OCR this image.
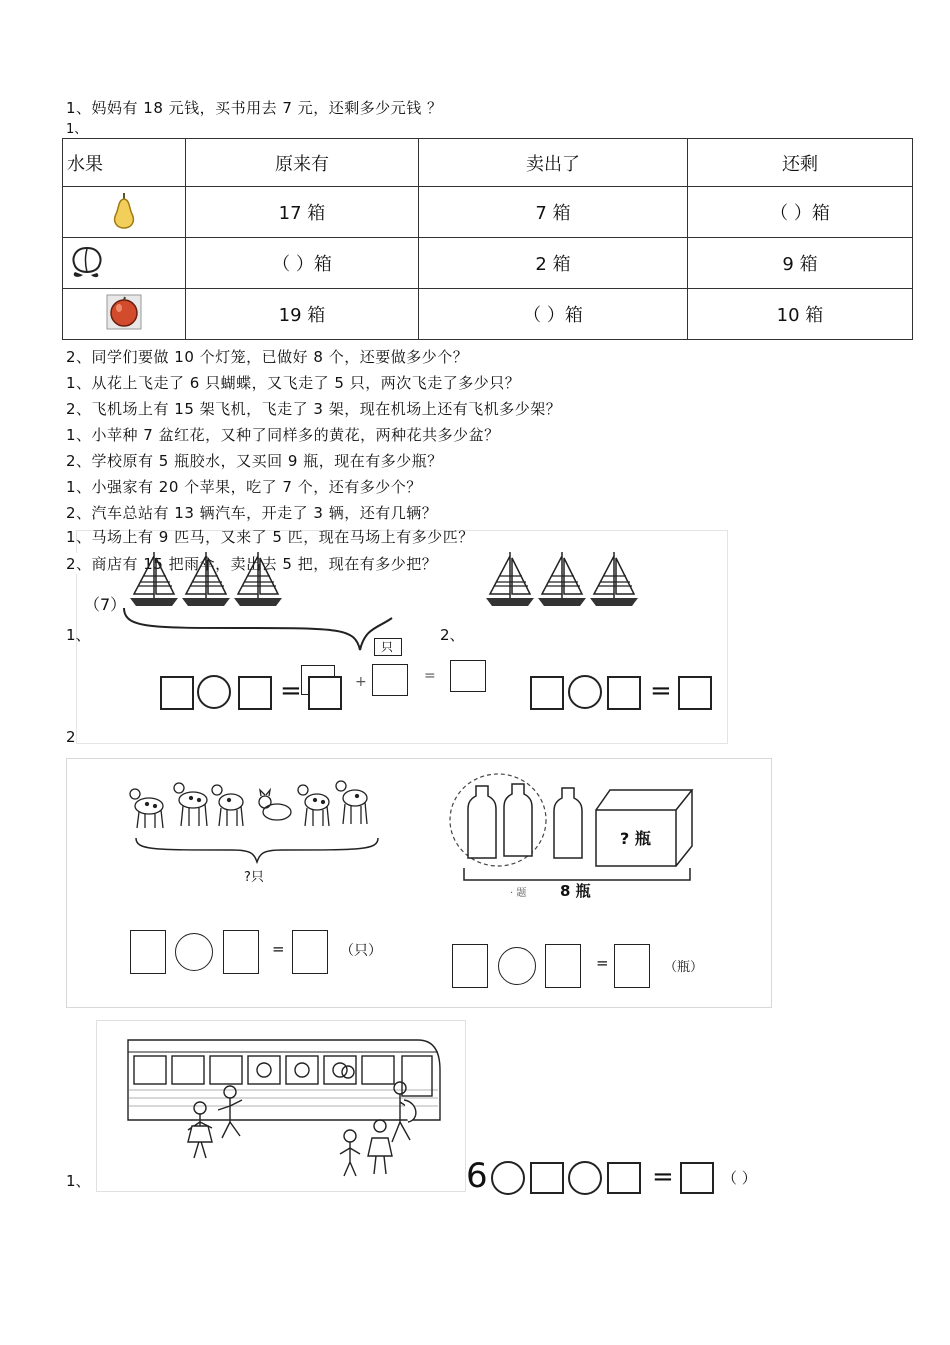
1、妈妈有 18 元钱，买书用去 7 元，还剩多少元钱 ？
1、
水果	原来有	卖出了	还剩
	17 箱	7 箱	（ ）箱
	（ ）箱	2 箱	9 箱
	19 箱	（ ）箱	10 箱
2、同学们要做 10 个灯笼，已做好 8 个，还要做多少个？
1、从花上飞走了 6 只蝴蝶，又飞走了 5 只，两次飞走了多少只？
2、飞机场上有 15 架飞机，飞走了 3 架，现在机场上还有飞机多少架？
1、小苹种 7 盆红花，又种了同样多的黄花，两种花共多少盆？
2、学校原有 5 瓶胶水，又买回 9 瓶，现在有多少瓶？
1、小强家有 20 个苹果，吃了 7 个，还有多少个？
2、汽车总站有 13 辆汽车，开走了 3 辆，还有几辆？
1、马场上有 9 匹马，又来了 5 匹，现在马场上有多少匹？
2、商店有 15 把雨伞，卖出去 5 把，现在有多少把？
（7）
1、	2、
+
只
=
=	=
2
?只
? 瓶
· 题 8 瓶
=	（只）
=	（瓶）
1、	6	=	（ ）
